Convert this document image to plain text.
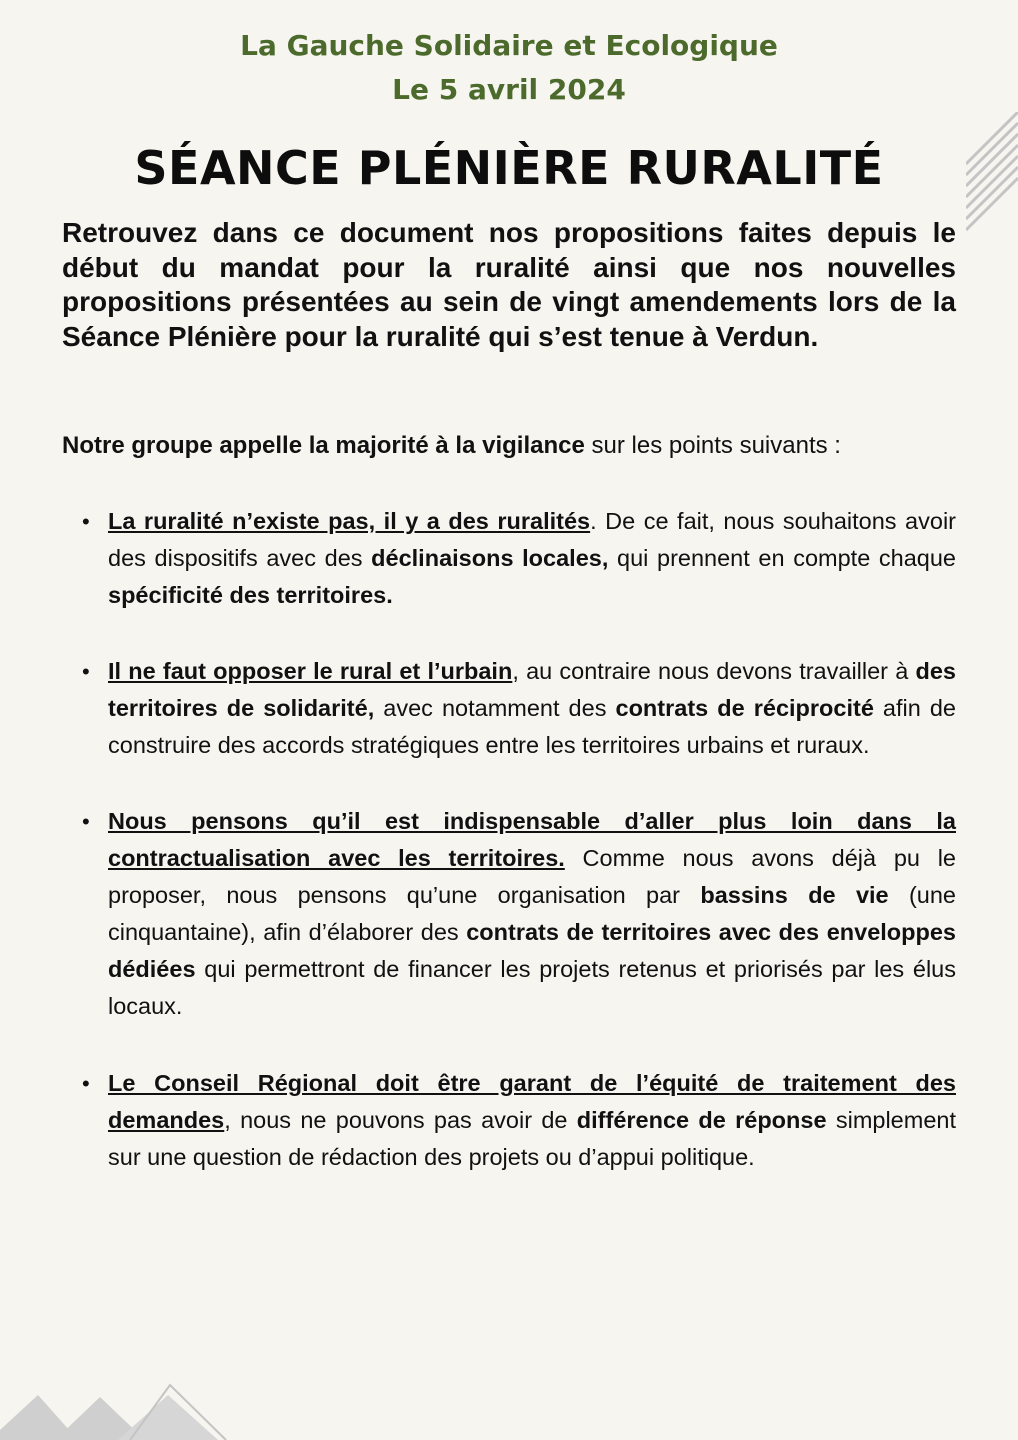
La Gauche Solidaire et Ecologique
Le 5 avril 2024
SÉANCE PLÉNIÈRE RURALITÉ
Retrouvez dans ce document nos propositions faites depuis le début du mandat pour la ruralité ainsi que nos nouvelles propositions présentées au sein de vingt amendements lors de la Séance Plénière pour la ruralité qui s’est tenue à Verdun.
Notre groupe appelle la majorité à la vigilance sur les points suivants :
• La ruralité n’existe pas, il y a des ruralités. De ce fait, nous souhaitons avoir des dispositifs avec des déclinaisons locales, qui prennent en compte chaque spécificité des territoires.
• Il ne faut opposer le rural et l’urbain, au contraire nous devons travailler à des territoires de solidarité, avec notamment des contrats de réciprocité afin de construire des accords stratégiques entre les territoires urbains et ruraux.
• Nous pensons qu’il est indispensable d’aller plus loin dans la contractualisation avec les territoires. Comme nous avons déjà pu le proposer, nous pensons qu’une organisation par bassins de vie (une cinquantaine), afin d’élaborer des contrats de territoires avec des enveloppes dédiées qui permettront de financer les projets retenus et priorisés par les élus locaux.
• Le Conseil Régional doit être garant de l’équité de traitement des demandes, nous ne pouvons pas avoir de différence de réponse simplement sur une question de rédaction des projets ou d’appui politique.
